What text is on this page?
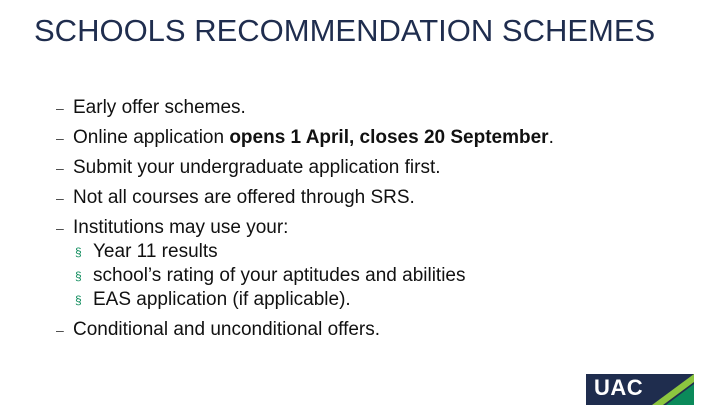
SCHOOLS RECOMMENDATION SCHEMES
– Early offer schemes.
– Online application opens 1 April, closes 20 September.
– Submit your undergraduate application first.
– Not all courses are offered through SRS.
– Institutions may use your:
§ Year 11 results
§ school’s rating of your aptitudes and abilities
§ EAS application (if applicable).
– Conditional and unconditional offers.
UAC
